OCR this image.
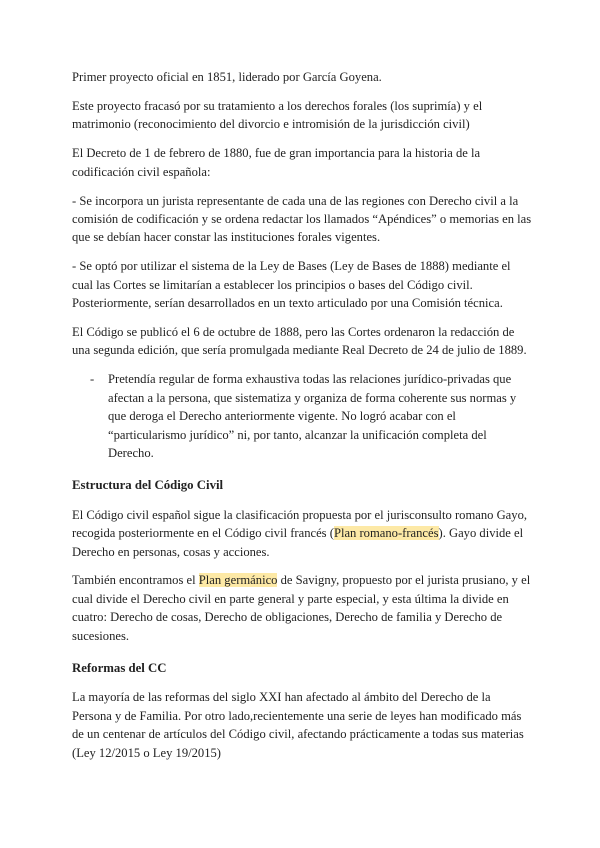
Primer proyecto oficial en 1851, liderado por García Goyena.

Este proyecto fracasó por su tratamiento a los derechos forales (los suprimía) y el matrimonio (reconocimiento del divorcio e intromisión de la jurisdicción civil)

El Decreto de 1 de febrero de 1880, fue de gran importancia para la historia de la codificación civil española:

- Se incorpora un jurista representante de cada una de las regiones con Derecho civil a la comisión de codificación y se ordena redactar los llamados “Apéndices” o memorias en las que se debían hacer constar las instituciones forales vigentes.

- Se optó por utilizar el sistema de la Ley de Bases (Ley de Bases de 1888) mediante el cual las Cortes se limitarían a establecer los principios o bases del Código civil. Posteriormente, serían desarrollados en un texto articulado por una Comisión técnica.

El Código se publicó el 6 de octubre de 1888, pero las Cortes ordenaron la redacción de una segunda edición, que sería promulgada mediante Real Decreto de 24 de julio de 1889.

-	Pretendía regular de forma exhaustiva todas las relaciones jurídico-privadas que afectan a la persona, que sistematiza y organiza de forma coherente sus normas y que deroga el Derecho anteriormente vigente. No logró acabar con el “particularismo jurídico” ni, por tanto, alcanzar la unificación completa del Derecho.

Estructura del Código Civil

El Código civil español sigue la clasificación propuesta por el jurisconsulto romano Gayo, recogida posteriormente en el Código civil francés (Plan romano-francés). Gayo divide el Derecho en personas, cosas y acciones.

También encontramos el Plan germánico de Savigny, propuesto por el jurista prusiano, y el cual divide el Derecho civil en parte general y parte especial, y esta última la divide en cuatro: Derecho de cosas, Derecho de obligaciones, Derecho de familia y Derecho de sucesiones.

Reformas del CC

La mayoría de las reformas del siglo XXI han afectado al ámbito del Derecho de la Persona y de Familia. Por otro lado,recientemente una serie de leyes han modificado más de un centenar de artículos del Código civil, afectando prácticamente a todas sus materias (Ley 12/2015 o Ley 19/2015)
